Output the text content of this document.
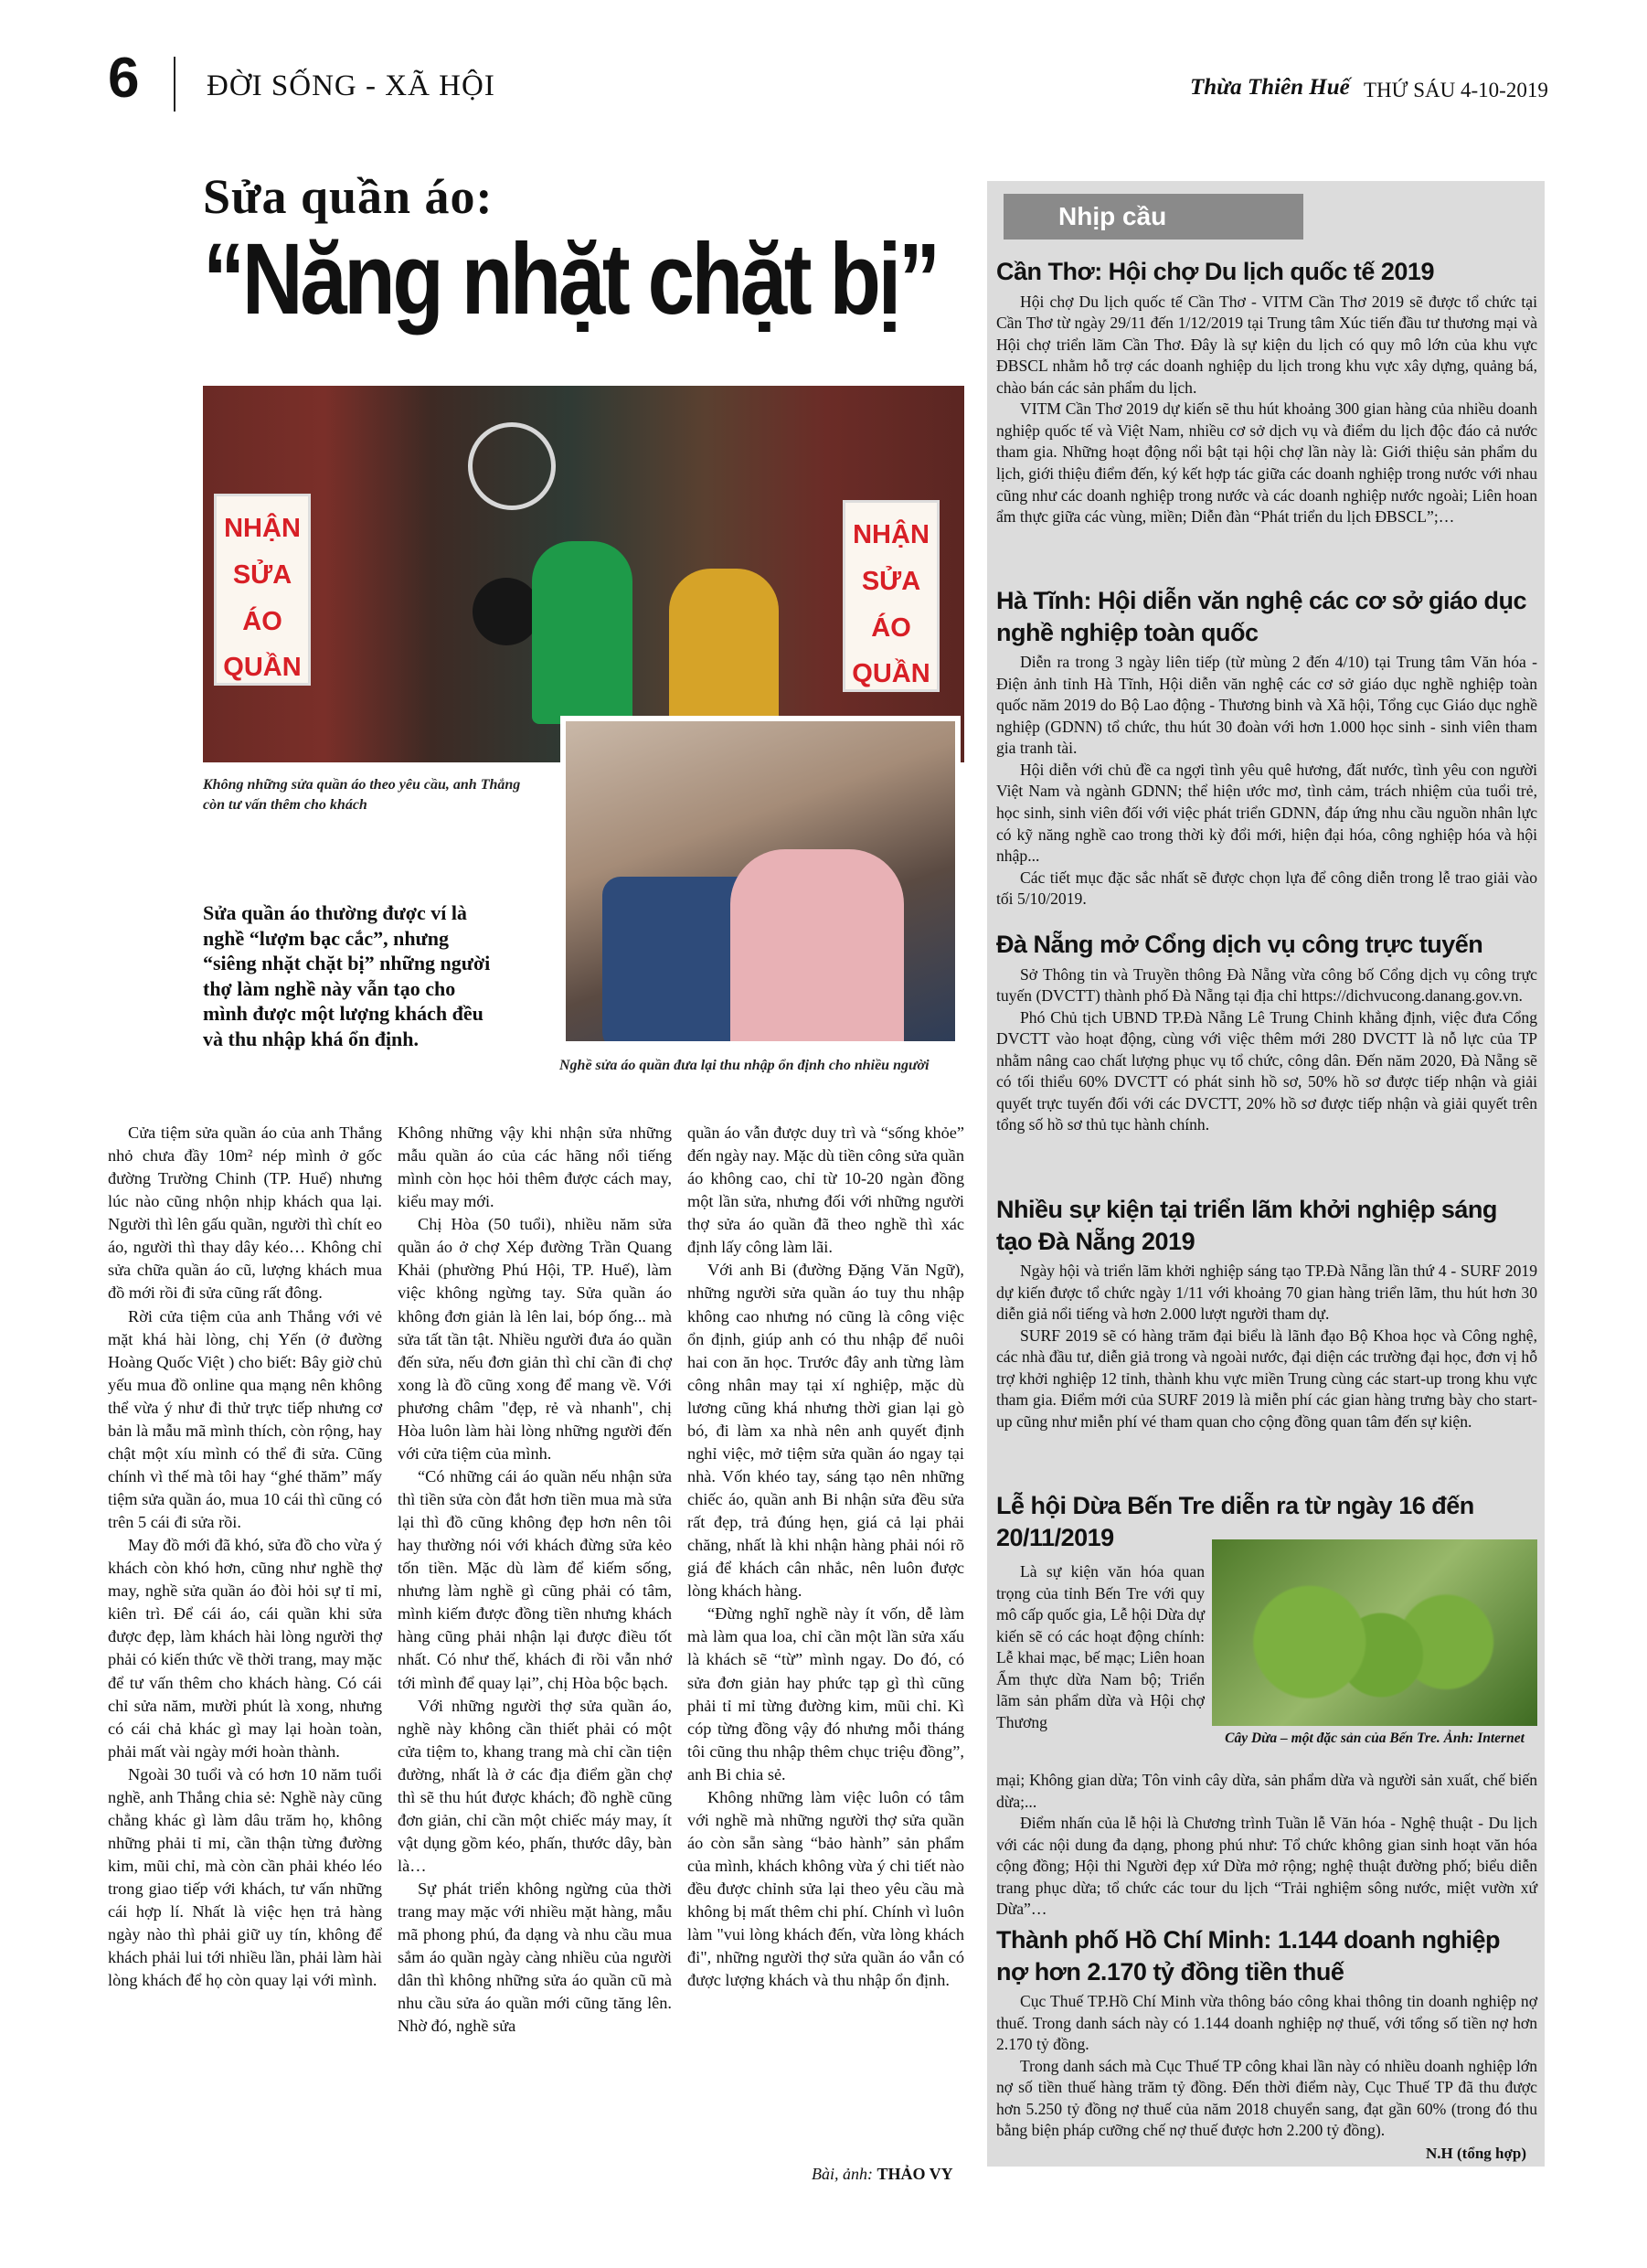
6 ĐỜI SỐNG - XÃ HỘI	Thừa Thiên Huế THỨ SÁU 4-10-2019
Sửa quần áo:
“Năng nhặt chặt bị”
NHẬN SỬA ÁO QUẦN
NHẬN SỬA ÁO QUẦN
Không những sửa quần áo theo yêu cầu, anh Thắng còn tư vấn thêm cho khách
Nghề sửa áo quần đưa lại thu nhập ổn định cho nhiều người
Sửa quần áo thường được ví là nghề “lượm bạc cắc”, nhưng “siêng nhặt chặt bị” những người thợ làm nghề này vẫn tạo cho mình được một lượng khách đều và thu nhập khá ổn định.

Cửa tiệm sửa quần áo của anh Thắng nhỏ chưa đầy 10m² nép mình ở gốc đường Trường Chinh (TP. Huế) nhưng lúc nào cũng nhộn nhịp khách qua lại. Người thì lên gấu quần, người thì chít eo áo, người thì thay dây kéo… Không chỉ sửa chữa quần áo cũ, lượng khách mua đồ mới rồi đi sửa cũng rất đông.

Rời cửa tiệm của anh Thắng với vẻ mặt khá hài lòng, chị Yến (ở đường Hoàng Quốc Việt ) cho biết: Bây giờ chủ yếu mua đồ online qua mạng nên không thể vừa ý như đi thử trực tiếp nhưng cơ bản là mẫu mã mình thích, còn rộng, hay chật một xíu mình có thể đi sửa. Cũng chính vì thế mà tôi hay “ghé thăm” mấy tiệm sửa quần áo, mua 10 cái thì cũng có trên 5 cái đi sửa rồi.

May đồ mới đã khó, sửa đồ cho vừa ý khách còn khó hơn, cũng như nghề thợ may, nghề sửa quần áo đòi hỏi sự tỉ mỉ, kiên trì. Để cái áo, cái quần khi sửa được đẹp, làm khách hài lòng người thợ phải có kiến thức về thời trang, may mặc để tư vấn thêm cho khách hàng. Có cái chỉ sửa năm, mười phút là xong, nhưng có cái chả khác gì may lại hoàn toàn, phải mất vài ngày mới hoàn thành.

Ngoài 30 tuổi và có hơn 10 năm tuổi nghề, anh Thắng chia sẻ: Nghề này cũng chẳng khác gì làm dâu trăm họ, không những phải tỉ mỉ, cần thận từng đường kim, mũi chỉ, mà còn cần phải khéo léo trong giao tiếp với khách, tư vấn những cái hợp lí. Nhất là việc hẹn trả hàng ngày nào thì phải giữ uy tín, không để khách phải lui tới nhiều lần, phải làm hài lòng khách để họ còn quay lại với mình.

Không những vậy khi nhận sửa những mẫu quần áo của các hãng nổi tiếng mình còn học hỏi thêm được cách may, kiểu may mới.

Chị Hòa (50 tuổi), nhiều năm sửa quần áo ở chợ Xép đường Trần Quang Khải (phường Phú Hội, TP. Huế), làm việc không ngừng tay. Sửa quần áo không đơn giản là lên lai, bóp ống... mà sửa tất tần tật. Nhiều người đưa áo quần đến sửa, nếu đơn giản thì chỉ cần đi chợ xong là đồ cũng xong để mang về. Với phương châm "đẹp, rẻ và nhanh", chị Hòa luôn làm hài lòng những người đến với cửa tiệm của mình.

“Có những cái áo quần nếu nhận sửa thì tiền sửa còn đắt hơn tiền mua mà sửa lại thì đồ cũng không đẹp hơn nên tôi hay thường nói với khách đừng sửa kẻo tốn tiền. Mặc dù làm để kiếm sống, nhưng làm nghề gì cũng phải có tâm, mình kiếm được đồng tiền nhưng khách hàng cũng phải nhận lại được điều tốt nhất. Có như thế, khách đi rồi vẫn nhớ tới mình để quay lại”, chị Hòa bộc bạch.

Với những người thợ sửa quần áo, nghề này không cần thiết phải có một cửa tiệm to, khang trang mà chỉ cần tiện đường, nhất là ở các địa điểm gần chợ thì sẽ thu hút được khách; đồ nghề cũng đơn giản, chỉ cần một chiếc máy may, ít vật dụng gồm kéo, phấn, thước dây, bàn là…

Sự phát triển không ngừng của thời trang may mặc với nhiều mặt hàng, mẫu mã phong phú, đa dạng và nhu cầu mua sắm áo quần ngày càng nhiều của người dân thì không những sửa áo quần cũ mà nhu cầu sửa áo quần mới cũng tăng lên. Nhờ đó, nghề sửa

quần áo vẫn được duy trì và “sống khỏe” đến ngày nay. Mặc dù tiền công sửa quần áo không cao, chỉ từ 10-20 ngàn đồng một lần sửa, nhưng đối với những người thợ sửa áo quần đã theo nghề thì xác định lấy công làm lãi.

Với anh Bi (đường Đặng Văn Ngữ), những người sửa quần áo tuy thu nhập không cao nhưng nó cũng là công việc ổn định, giúp anh có thu nhập để nuôi hai con ăn học. Trước đây anh từng làm công nhân may tại xí nghiệp, mặc dù lương cũng khá nhưng thời gian lại gò bó, đi làm xa nhà nên anh quyết định nghỉ việc, mở tiệm sửa quần áo ngay tại nhà. Vốn khéo tay, sáng tạo nên những chiếc áo, quần anh Bi nhận sửa đều sửa rất đẹp, trả đúng hẹn, giá cả lại phải chăng, nhất là khi nhận hàng phải nói rõ giá để khách cân nhắc, nên luôn được lòng khách hàng.

“Đừng nghĩ nghề này ít vốn, dễ làm mà làm qua loa, chỉ cần một lần sửa xấu là khách sẽ “từ” mình ngay. Do đó, có sửa đơn giản hay phức tạp gì thì cũng phải tỉ mỉ từng đường kim, mũi chỉ. Kì cóp từng đồng vậy đó nhưng mỗi tháng tôi cũng thu nhập thêm chục triệu đồng”, anh Bi chia sẻ.

Không những làm việc luôn có tâm với nghề mà những người thợ sửa quần áo còn sẵn sàng “bảo hành” sản phẩm của mình, khách không vừa ý chi tiết nào đều được chỉnh sửa lại theo yêu cầu mà không bị mất thêm chi phí. Chính vì luôn làm "vui lòng khách đến, vừa lòng khách đi", những người thợ sửa quần áo vẫn có được lượng khách và thu nhập ổn định.

Bài, ảnh: THẢO VY
Nhịp cầu
Cần Thơ: Hội chợ Du lịch quốc tế 2019

Hội chợ Du lịch quốc tế Cần Thơ - VITM Cần Thơ 2019 sẽ được tổ chức tại Cần Thơ từ ngày 29/11 đến 1/12/2019 tại Trung tâm Xúc tiến đầu tư thương mại và Hội chợ triển lãm Cần Thơ. Đây là sự kiện du lịch có quy mô lớn của khu vực ĐBSCL nhằm hỗ trợ các doanh nghiệp du lịch trong khu vực xây dựng, quảng bá, chào bán các sản phẩm du lịch.

VITM Cần Thơ 2019 dự kiến sẽ thu hút khoảng 300 gian hàng của nhiều doanh nghiệp quốc tế và Việt Nam, nhiều cơ sở dịch vụ và điểm du lịch độc đáo cả nước tham gia. Những hoạt động nổi bật tại hội chợ lần này là: Giới thiệu sản phẩm du lịch, giới thiệu điểm đến, ký kết hợp tác giữa các doanh nghiệp trong nước với nhau cũng như các doanh nghiệp trong nước và các doanh nghiệp nước ngoài; Liên hoan ẩm thực giữa các vùng, miền; Diễn đàn “Phát triển du lịch ĐBSCL”;…

Hà Tĩnh: Hội diễn văn nghệ các cơ sở giáo dục nghề nghiệp toàn quốc

Diễn ra trong 3 ngày liên tiếp (từ mùng 2 đến 4/10) tại Trung tâm Văn hóa - Điện ảnh tỉnh Hà Tĩnh, Hội diễn văn nghệ các cơ sở giáo dục nghề nghiệp toàn quốc năm 2019 do Bộ Lao động - Thương binh và Xã hội, Tổng cục Giáo dục nghề nghiệp (GDNN) tổ chức, thu hút 30 đoàn với hơn 1.000 học sinh - sinh viên tham gia tranh tài.

Hội diễn với chủ đề ca ngợi tình yêu quê hương, đất nước, tình yêu con người Việt Nam và ngành GDNN; thể hiện ước mơ, tình cảm, trách nhiệm của tuổi trẻ, học sinh, sinh viên đối với việc phát triển GDNN, đáp ứng nhu cầu nguồn nhân lực có kỹ năng nghề cao trong thời kỳ đổi mới, hiện đại hóa, công nghiệp hóa và hội nhập...

Các tiết mục đặc sắc nhất sẽ được chọn lựa để công diễn trong lễ trao giải vào tối 5/10/2019.

Đà Nẵng mở Cổng dịch vụ công trực tuyến

Sở Thông tin và Truyền thông Đà Nẵng vừa công bố Cổng dịch vụ công trực tuyến (DVCTT) thành phố Đà Nẵng tại địa chỉ https://dichvucong.danang.gov.vn.

Phó Chủ tịch UBND TP.Đà Nẵng Lê Trung Chinh khẳng định, việc đưa Cổng DVCTT vào hoạt động, cùng với việc thêm mới 280 DVCTT là nỗ lực của TP nhằm nâng cao chất lượng phục vụ tổ chức, công dân. Đến năm 2020, Đà Nẵng sẽ có tối thiểu 60% DVCTT có phát sinh hồ sơ, 50% hồ sơ được tiếp nhận và giải quyết trực tuyến đối với các DVCTT, 20% hồ sơ được tiếp nhận và giải quyết trên tổng số hồ sơ thủ tục hành chính.

Nhiều sự kiện tại triển lãm khởi nghiệp sáng tạo Đà Nẵng 2019

Ngày hội và triển lãm khởi nghiệp sáng tạo TP.Đà Nẵng lần thứ 4 - SURF 2019 dự kiến được tổ chức ngày 1/11 với khoảng 70 gian hàng triển lãm, thu hút hơn 30 diễn giả nổi tiếng và hơn 2.000 lượt người tham dự.

SURF 2019 sẽ có hàng trăm đại biểu là lãnh đạo Bộ Khoa học và Công nghệ, các nhà đầu tư, diễn giả trong và ngoài nước, đại diện các trường đại học, đơn vị hỗ trợ khởi nghiệp 12 tỉnh, thành khu vực miền Trung cùng các start-up trong khu vực tham gia. Điểm mới của SURF 2019 là miễn phí các gian hàng trưng bày cho start-up cũng như miễn phí vé tham quan cho cộng đồng quan tâm đến sự kiện.

Lễ hội Dừa Bến Tre diễn ra từ ngày 16 đến 20/11/2019

Là sự kiện văn hóa quan trọng của tỉnh Bến Tre với quy mô cấp quốc gia, Lễ hội Dừa dự kiến sẽ có các hoạt động chính: Lễ khai mạc, bế mạc; Liên hoan Ẩm thực dừa Nam bộ; Triển lãm sản phẩm dừa và Hội chợ Thương

Cây Dừa – một đặc sản của Bến Tre. Ảnh: Internet

mại; Không gian dừa; Tôn vinh cây dừa, sản phẩm dừa và người sản xuất, chế biến dừa;...

Điểm nhấn của lễ hội là Chương trình Tuần lễ Văn hóa - Nghệ thuật - Du lịch với các nội dung đa dạng, phong phú như: Tổ chức không gian sinh hoạt văn hóa cộng đồng; Hội thi Người đẹp xứ Dừa mở rộng; nghệ thuật đường phố; biểu diễn trang phục dừa; tổ chức các tour du lịch “Trải nghiệm sông nước, miệt vườn xứ Dừa”…

Thành phố Hồ Chí Minh: 1.144 doanh nghiệp nợ hơn 2.170 tỷ đồng tiền thuế

Cục Thuế TP.Hồ Chí Minh vừa thông báo công khai thông tin doanh nghiệp nợ thuế. Trong danh sách này có 1.144 doanh nghiệp nợ thuế, với tổng số tiền nợ hơn 2.170 tỷ đồng.

Trong danh sách mà Cục Thuế TP công khai lần này có nhiều doanh nghiệp lớn nợ số tiền thuế hàng trăm tỷ đồng. Đến thời điểm này, Cục Thuế TP đã thu được hơn 5.250 tỷ đồng nợ thuế của năm 2018 chuyển sang, đạt gần 60% (trong đó thu bằng biện pháp cưỡng chế nợ thuế được hơn 2.200 tỷ đồng).

N.H (tổng hợp)
